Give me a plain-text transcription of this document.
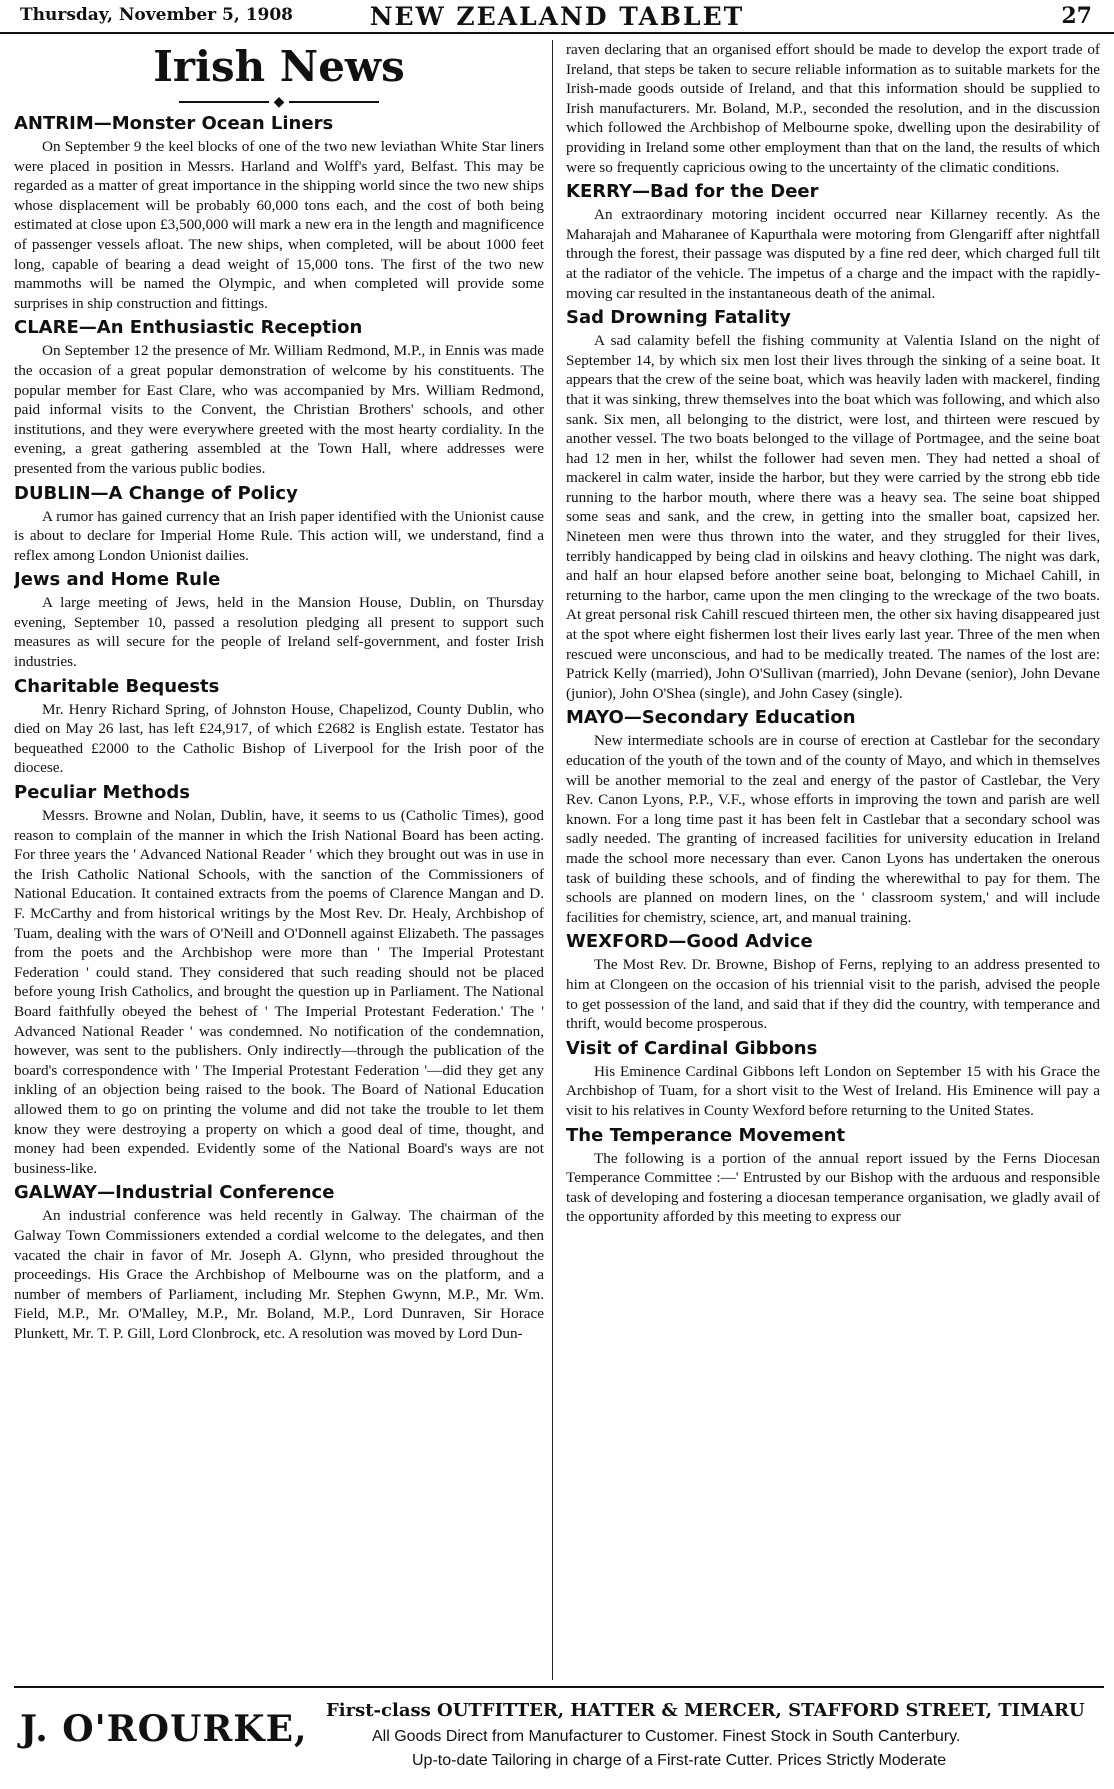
Thursday, November 5, 1908	NEW ZEALAND TABLET	27
Irish News
◆
ANTRIM—Monster Ocean Liners

On September 9 the keel blocks of one of the two new leviathan White Star liners were placed in position in Messrs. Harland and Wolff's yard, Belfast. This may be regarded as a matter of great importance in the shipping world since the two new ships whose displacement will be probably 60,000 tons each, and the cost of both being estimated at close upon £3,500,000 will mark a new era in the length and magnificence of passenger vessels afloat. The new ships, when completed, will be about 1000 feet long, capable of bearing a dead weight of 15,000 tons. The first of the two new mammoths will be named the Olympic, and when completed will provide some surprises in ship construction and fittings.

CLARE—An Enthusiastic Reception

On September 12 the presence of Mr. William Redmond, M.P., in Ennis was made the occasion of a great popular demonstration of welcome by his constituents. The popular member for East Clare, who was accompanied by Mrs. William Redmond, paid informal visits to the Convent, the Christian Brothers' schools, and other institutions, and they were everywhere greeted with the most hearty cordiality. In the evening, a great gathering assembled at the Town Hall, where addresses were presented from the various public bodies.

DUBLIN—A Change of Policy

A rumor has gained currency that an Irish paper identified with the Unionist cause is about to declare for Imperial Home Rule. This action will, we understand, find a reflex among London Unionist dailies.

Jews and Home Rule

A large meeting of Jews, held in the Mansion House, Dublin, on Thursday evening, September 10, passed a resolution pledging all present to support such measures as will secure for the people of Ireland self-government, and foster Irish industries.

Charitable Bequests

Mr. Henry Richard Spring, of Johnston House, Chapelizod, County Dublin, who died on May 26 last, has left £24,917, of which £2682 is English estate. Testator has bequeathed £2000 to the Catholic Bishop of Liverpool for the Irish poor of the diocese.

Peculiar Methods

Messrs. Browne and Nolan, Dublin, have, it seems to us (Catholic Times), good reason to complain of the manner in which the Irish National Board has been acting. For three years the ' Advanced National Reader ' which they brought out was in use in the Irish Catholic National Schools, with the sanction of the Commissioners of National Education. It contained extracts from the poems of Clarence Mangan and D. F. McCarthy and from historical writings by the Most Rev. Dr. Healy, Archbishop of Tuam, dealing with the wars of O'Neill and O'Donnell against Elizabeth. The passages from the poets and the Archbishop were more than ' The Imperial Protestant Federation ' could stand. They considered that such reading should not be placed before young Irish Catholics, and brought the question up in Parliament. The National Board faithfully obeyed the behest of ' The Imperial Protestant Federation.' The ' Advanced National Reader ' was condemned. No notification of the condemnation, however, was sent to the publishers. Only indirectly—through the publication of the board's correspondence with ' The Imperial Protestant Federation '—did they get any inkling of an objection being raised to the book. The Board of National Education allowed them to go on printing the volume and did not take the trouble to let them know they were destroying a property on which a good deal of time, thought, and money had been expended. Evidently some of the National Board's ways are not business-like.

GALWAY—Industrial Conference

An industrial conference was held recently in Galway. The chairman of the Galway Town Commissioners extended a cordial welcome to the delegates, and then vacated the chair in favor of Mr. Joseph A. Glynn, who presided throughout the proceedings. His Grace the Archbishop of Melbourne was on the platform, and a number of members of Parliament, including Mr. Stephen Gwynn, M.P., Mr. Wm. Field, M.P., Mr. O'Malley, M.P., Mr. Boland, M.P., Lord Dunraven, Sir Horace Plunkett, Mr. T. P. Gill, Lord Clonbrock, etc. A resolution was moved by Lord Dun-

raven declaring that an organised effort should be made to develop the export trade of Ireland, that steps be taken to secure reliable information as to suitable markets for the Irish-made goods outside of Ireland, and that this information should be supplied to Irish manufacturers. Mr. Boland, M.P., seconded the resolution, and in the discussion which followed the Archbishop of Melbourne spoke, dwelling upon the desirability of providing in Ireland some other employment than that on the land, the results of which were so frequently capricious owing to the uncertainty of the climatic conditions.

KERRY—Bad for the Deer

An extraordinary motoring incident occurred near Killarney recently. As the Maharajah and Maharanee of Kapurthala were motoring from Glengariff after nightfall through the forest, their passage was disputed by a fine red deer, which charged full tilt at the radiator of the vehicle. The impetus of a charge and the impact with the rapidly-moving car resulted in the instantaneous death of the animal.

Sad Drowning Fatality

A sad calamity befell the fishing community at Valentia Island on the night of September 14, by which six men lost their lives through the sinking of a seine boat. It appears that the crew of the seine boat, which was heavily laden with mackerel, finding that it was sinking, threw themselves into the boat which was following, and which also sank. Six men, all belonging to the district, were lost, and thirteen were rescued by another vessel. The two boats belonged to the village of Portmagee, and the seine boat had 12 men in her, whilst the follower had seven men. They had netted a shoal of mackerel in calm water, inside the harbor, but they were carried by the strong ebb tide running to the harbor mouth, where there was a heavy sea. The seine boat shipped some seas and sank, and the crew, in getting into the smaller boat, capsized her. Nineteen men were thus thrown into the water, and they struggled for their lives, terribly handicapped by being clad in oilskins and heavy clothing. The night was dark, and half an hour elapsed before another seine boat, belonging to Michael Cahill, in returning to the harbor, came upon the men clinging to the wreckage of the two boats. At great personal risk Cahill rescued thirteen men, the other six having disappeared just at the spot where eight fishermen lost their lives early last year. Three of the men when rescued were unconscious, and had to be medically treated. The names of the lost are: Patrick Kelly (married), John O'Sullivan (married), John Devane (senior), John Devane (junior), John O'Shea (single), and John Casey (single).

MAYO—Secondary Education

New intermediate schools are in course of erection at Castlebar for the secondary education of the youth of the town and of the county of Mayo, and which in themselves will be another memorial to the zeal and energy of the pastor of Castlebar, the Very Rev. Canon Lyons, P.P., V.F., whose efforts in improving the town and parish are well known. For a long time past it has been felt in Castlebar that a secondary school was sadly needed. The granting of increased facilities for university education in Ireland made the school more necessary than ever. Canon Lyons has undertaken the onerous task of building these schools, and of finding the wherewithal to pay for them. The schools are planned on modern lines, on the ' classroom system,' and will include facilities for chemistry, science, art, and manual training.

WEXFORD—Good Advice

The Most Rev. Dr. Browne, Bishop of Ferns, replying to an address presented to him at Clongeen on the occasion of his triennial visit to the parish, advised the people to get possession of the land, and said that if they did the country, with temperance and thrift, would become prosperous.

Visit of Cardinal Gibbons

His Eminence Cardinal Gibbons left London on September 15 with his Grace the Archbishop of Tuam, for a short visit to the West of Ireland. His Eminence will pay a visit to his relatives in County Wexford before returning to the United States.

The Temperance Movement

The following is a portion of the annual report issued by the Ferns Diocesan Temperance Committee :—' Entrusted by our Bishop with the arduous and responsible task of developing and fostering a diocesan temperance organisation, we gladly avail of the opportunity afforded by this meeting to express our

J. O'ROURKE, First-class OUTFITTER, HATTER & MERCER, STAFFORD STREET, TIMARU
All Goods Direct from Manufacturer to Customer. Finest Stock in South Canterbury.
Up-to-date Tailoring in charge of a First-rate Cutter. Prices Strictly Moderate
